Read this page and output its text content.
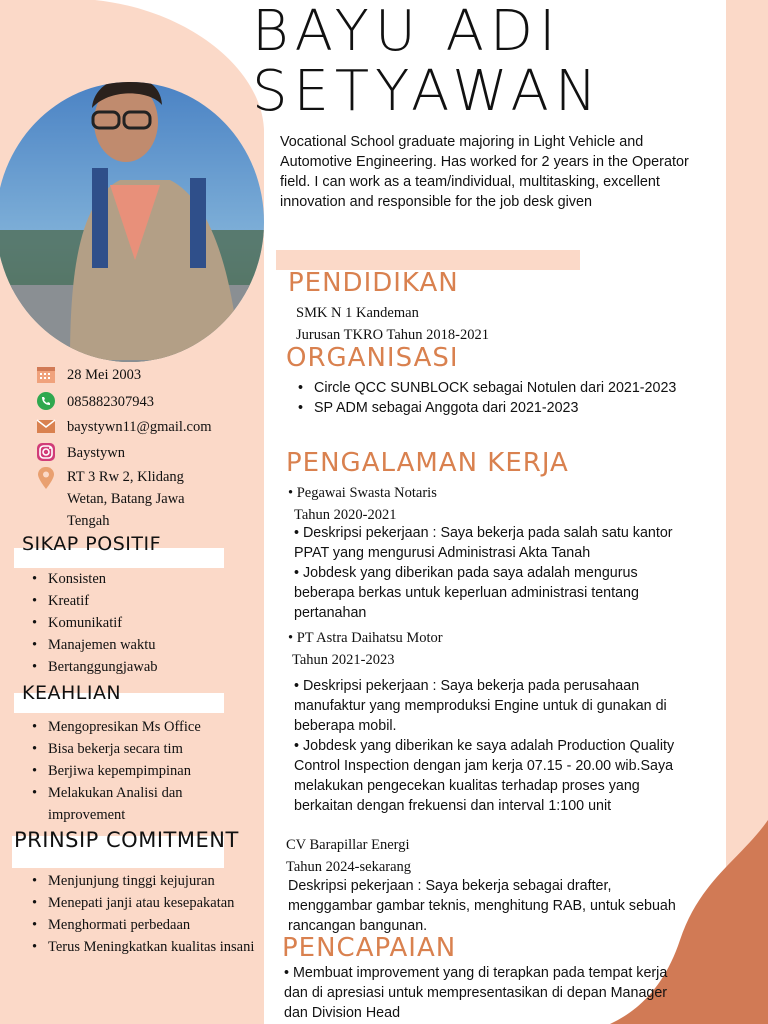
BAYU ADI
SETYAWAN
Vocational School graduate majoring in Light Vehicle and Automotive Engineering. Has worked for 2 years in the Operator field. I can work as a team/individual, multitasking, excellent innovation and responsible for the job desk given
28 Mei 2003
085882307943
baystywn11@gmail.com
Baystywn
RT 3 Rw 2, Klidang Wetan, Batang Jawa Tengah
SIKAP POSITIF
• Konsisten
• Kreatif
• Komunikatif
• Manajemen waktu
• Bertanggungjawab
KEAHLIAN
• Mengopresikan Ms Office
• Bisa bekerja secara tim
• Berjiwa kepempimpinan
• Melakukan Analisi dan improvement
PRINSIP COMITMENT
• Menjunjung tinggi kejujuran
• Menepati janji atau kesepakatan
• Menghormati perbedaan
• Terus Meningkatkan kualitas insani
PENDIDIKAN
SMK N 1 Kandeman
Jurusan TKRO Tahun 2018-2021
ORGANISASI
• Circle QCC SUNBLOCK sebagai Notulen dari 2021-2023
• SP ADM sebagai Anggota dari 2021-2023
PENGALAMAN KERJA
• Pegawai Swasta Notaris
Tahun 2020-2021
• Deskripsi pekerjaan : Saya bekerja pada salah satu kantor PPAT yang mengurusi Administrasi Akta Tanah
• Jobdesk yang diberikan pada saya adalah mengurus beberapa berkas untuk keperluan administrasi tentang pertanahan
• PT Astra Daihatsu Motor
Tahun 2021-2023
• Deskripsi pekerjaan : Saya bekerja pada perusahaan manufaktur yang memproduksi Engine untuk di gunakan di beberapa mobil.
• Jobdesk yang diberikan ke saya adalah Production Quality Control Inspection dengan jam kerja 07.15 - 20.00 wib.Saya melakukan pengecekan kualitas terhadap proses yang berkaitan dengan frekuensi dan interval 1:100 unit
CV Barapillar Energi
Tahun 2024-sekarang
Deskripsi pekerjaan : Saya bekerja sebagai drafter, menggambar gambar teknis, menghitung RAB, untuk sebuah rancangan bangunan.
PENCAPAIAN
• Membuat improvement yang di terapkan pada tempat kerja dan di apresiasi untuk mempresentasikan di depan Manager dan Division Head
